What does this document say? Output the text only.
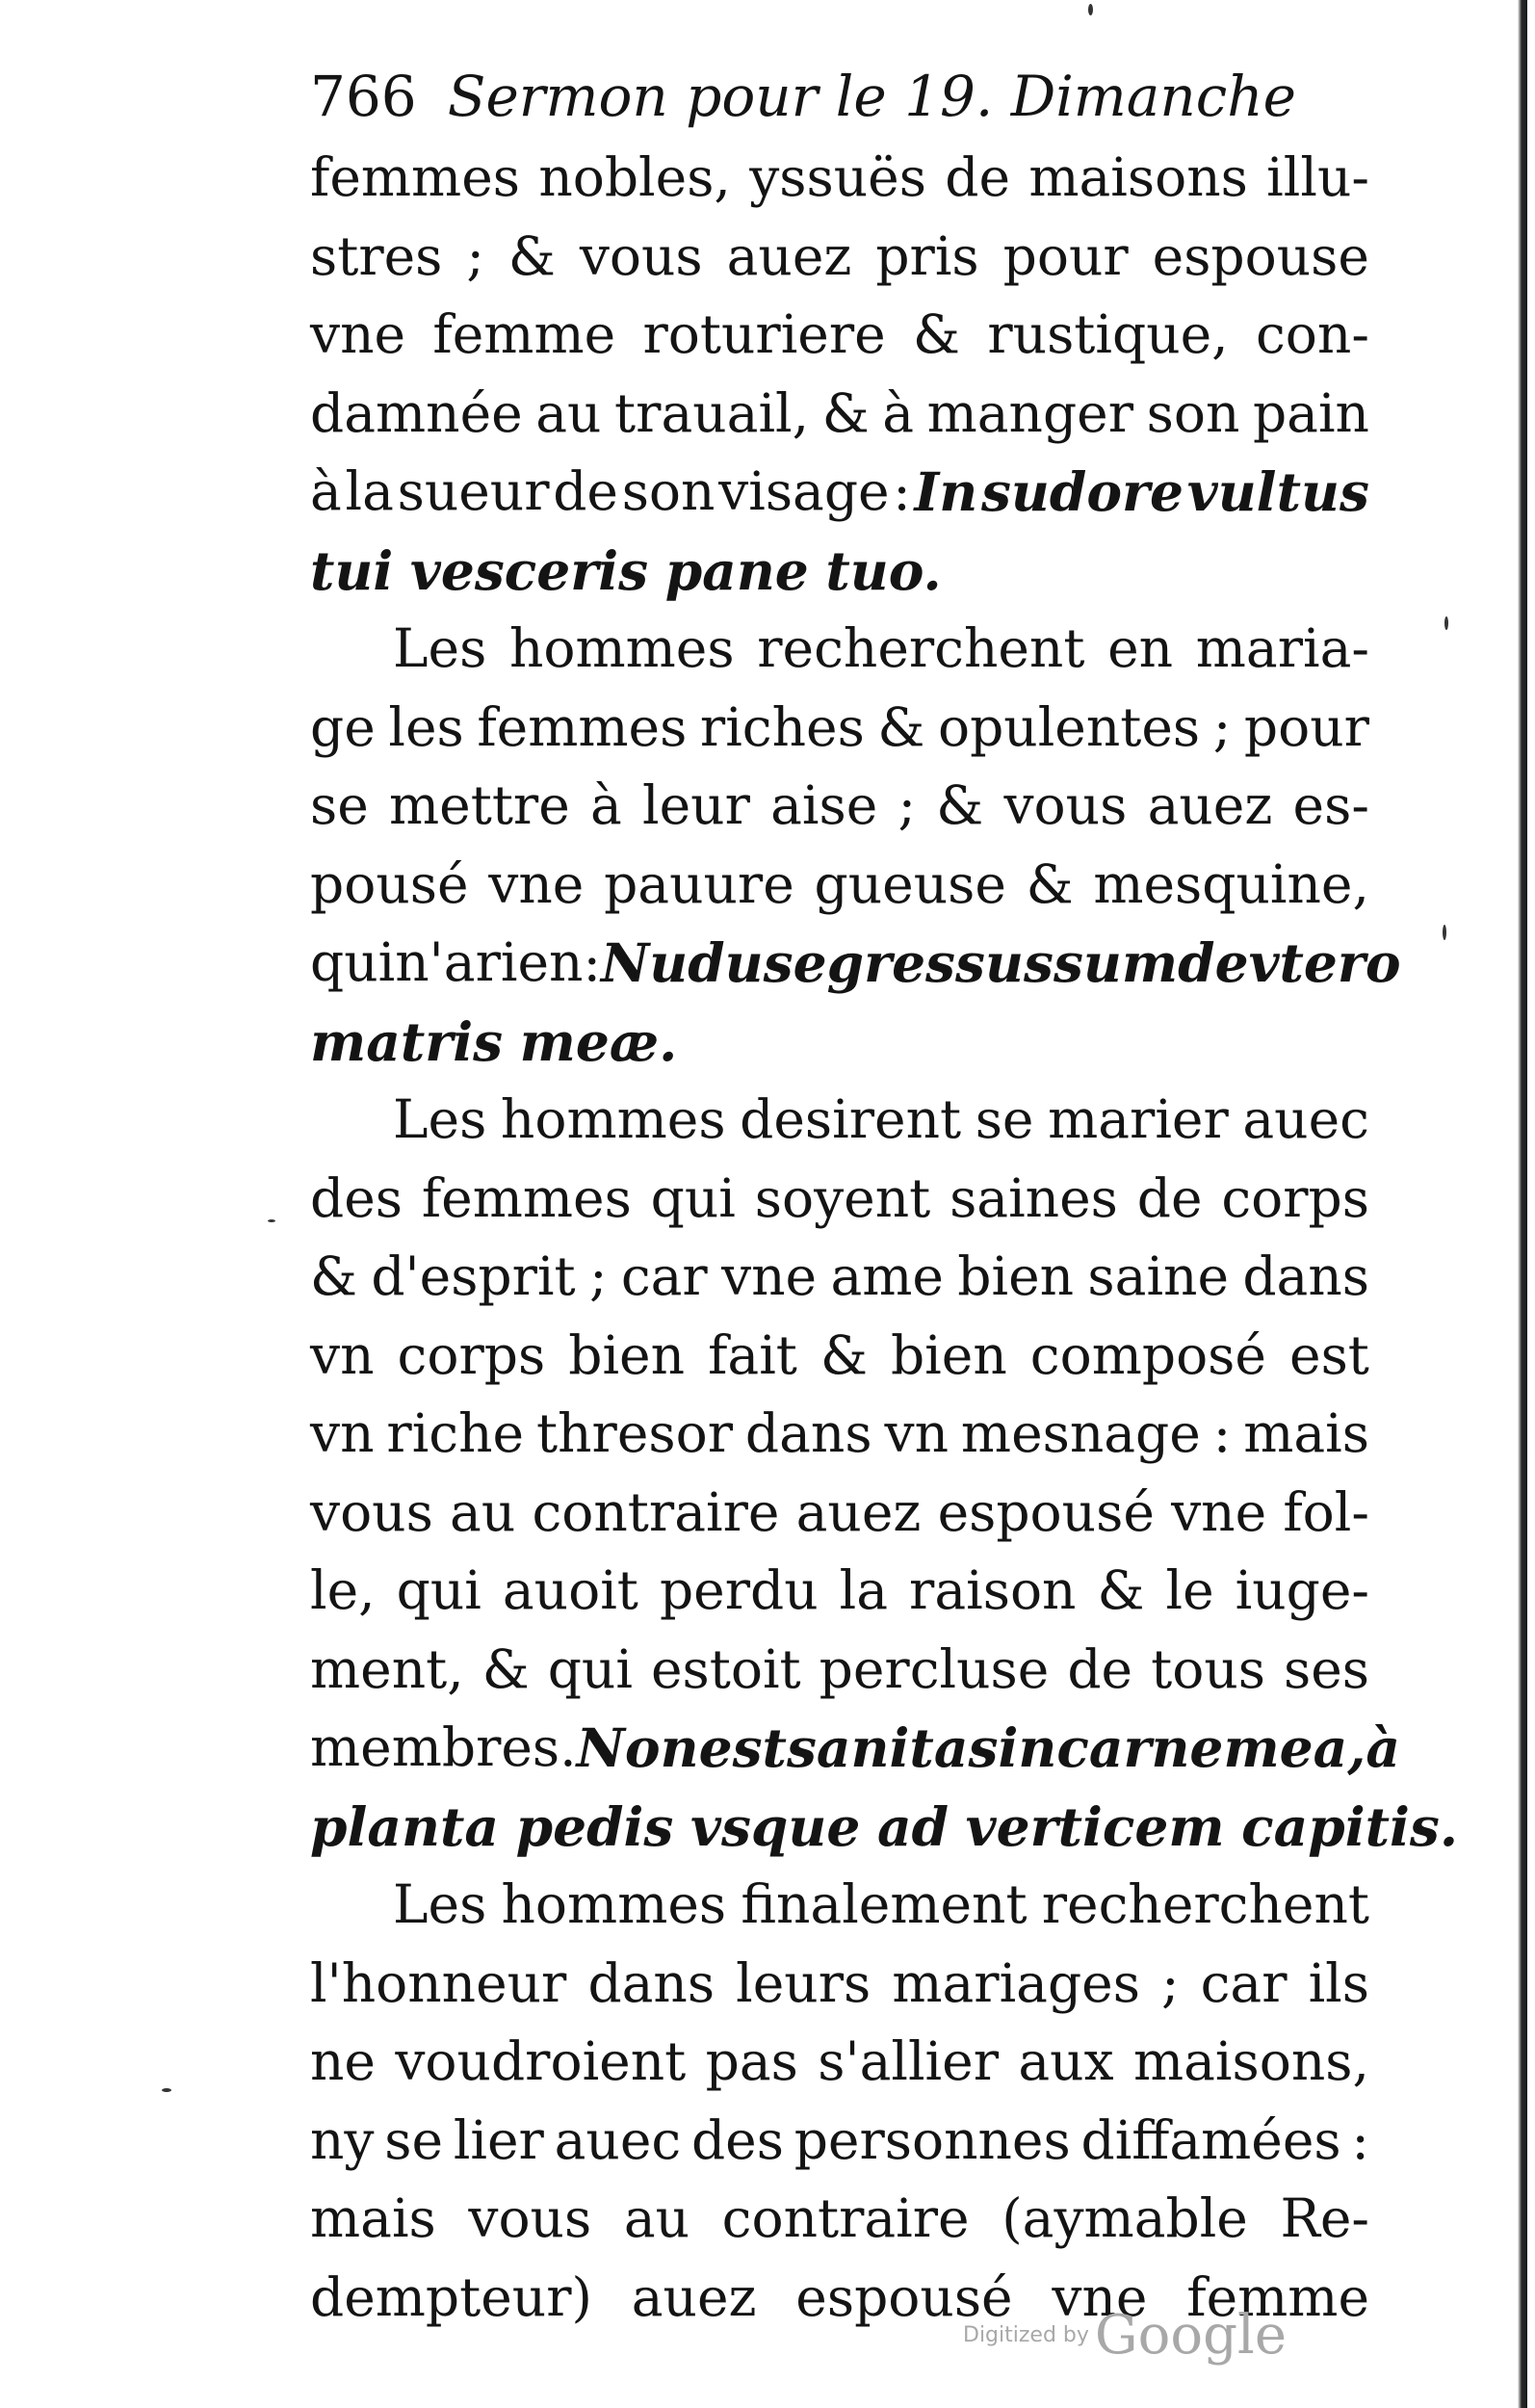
766 Sermon pour le 19. Dimanche
femmes nobles, yssuës de maisons illu-
stres ; & vous auez pris pour espouse
vne femme roturiere & rustique, con-
damnée au trauail, & à manger son pain
à la sueur de son visage : In sudore vultus
tui vesceris pane tuo.
Les hommes recherchent en maria-
ge les femmes riches & opulentes ; pour
se mettre à leur aise ; & vous auez es-
pousé vne pauure gueuse & mesquine,
qui n'a rien : Nudus egressus sum de vtero
matris meæ.
Les hommes desirent se marier auec
des femmes qui soyent saines de corps
& d'esprit ; car vne ame bien saine dans
vn corps bien fait & bien composé est
vn riche thresor dans vn mesnage : mais
vous au contraire auez espousé vne fol-
le, qui auoit perdu la raison & le iuge-
ment, & qui estoit percluse de tous ses
membres. Non est sanitas in carne mea, à
planta pedis vsque ad verticem capitis.
Les hommes finalement recherchent
l'honneur dans leurs mariages ; car ils
ne voudroient pas s'allier aux maisons,
ny se lier auec des personnes diffamées :
mais vous au contraire (aymable Re-
dempteur) auez espousé vne femme
Digitized by Google
